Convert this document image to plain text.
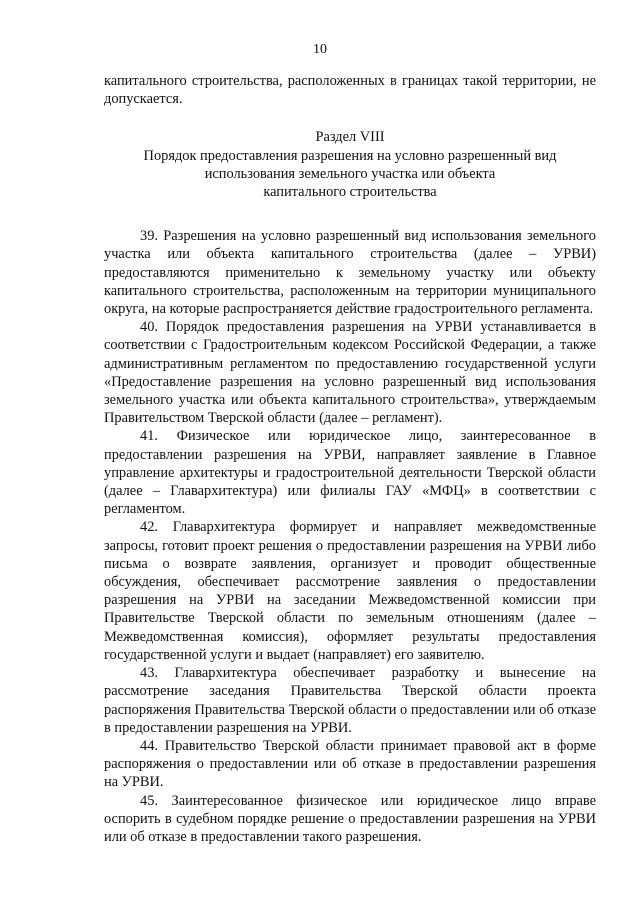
10

капитального строительства, расположенных в границах такой территории, не допускается.

Раздел VIII
Порядок предоставления разрешения на условно разрешенный вид
использования земельного участка или объекта
капитального строительства

39. Разрешения на условно разрешенный вид использования земельного участка или объекта капитального строительства (далее – УРВИ) предоставляются применительно к земельному участку или объекту капитального строительства, расположенным на территории муниципального округа, на которые распространяется действие градостроительного регламента.

40. Порядок предоставления разрешения на УРВИ устанавливается в соответствии с Градостроительным кодексом Российской Федерации, а также административным регламентом по предоставлению государственной услуги «Предоставление разрешения на условно разрешенный вид использования земельного участка или объекта капитального строительства», утверждаемым Правительством Тверской области (далее – регламент).

41. Физическое или юридическое лицо, заинтересованное в предоставлении разрешения на УРВИ, направляет заявление в Главное управление архитектуры и градостроительной деятельности Тверской области (далее – Главархитектура) или филиалы ГАУ «МФЦ» в соответствии с регламентом.

42. Главархитектура формирует и направляет межведомственные запросы, готовит проект решения о предоставлении разрешения на УРВИ либо письма о возврате заявления, организует и проводит общественные обсуждения, обеспечивает рассмотрение заявления о предоставлении разрешения на УРВИ на заседании Межведомственной комиссии при Правительстве Тверской области по земельным отношениям (далее – Межведомственная комиссия), оформляет результаты предоставления государственной услуги и выдает (направляет) его заявителю.

43. Главархитектура обеспечивает разработку и вынесение на рассмотрение заседания Правительства Тверской области проекта распоряжения Правительства Тверской области о предоставлении или об отказе в предоставлении разрешения на УРВИ.

44. Правительство Тверской области принимает правовой акт в форме распоряжения о предоставлении или об отказе в предоставлении разрешения на УРВИ.

45. Заинтересованное физическое или юридическое лицо вправе оспорить в судебном порядке решение о предоставлении разрешения на УРВИ или об отказе в предоставлении такого разрешения.
